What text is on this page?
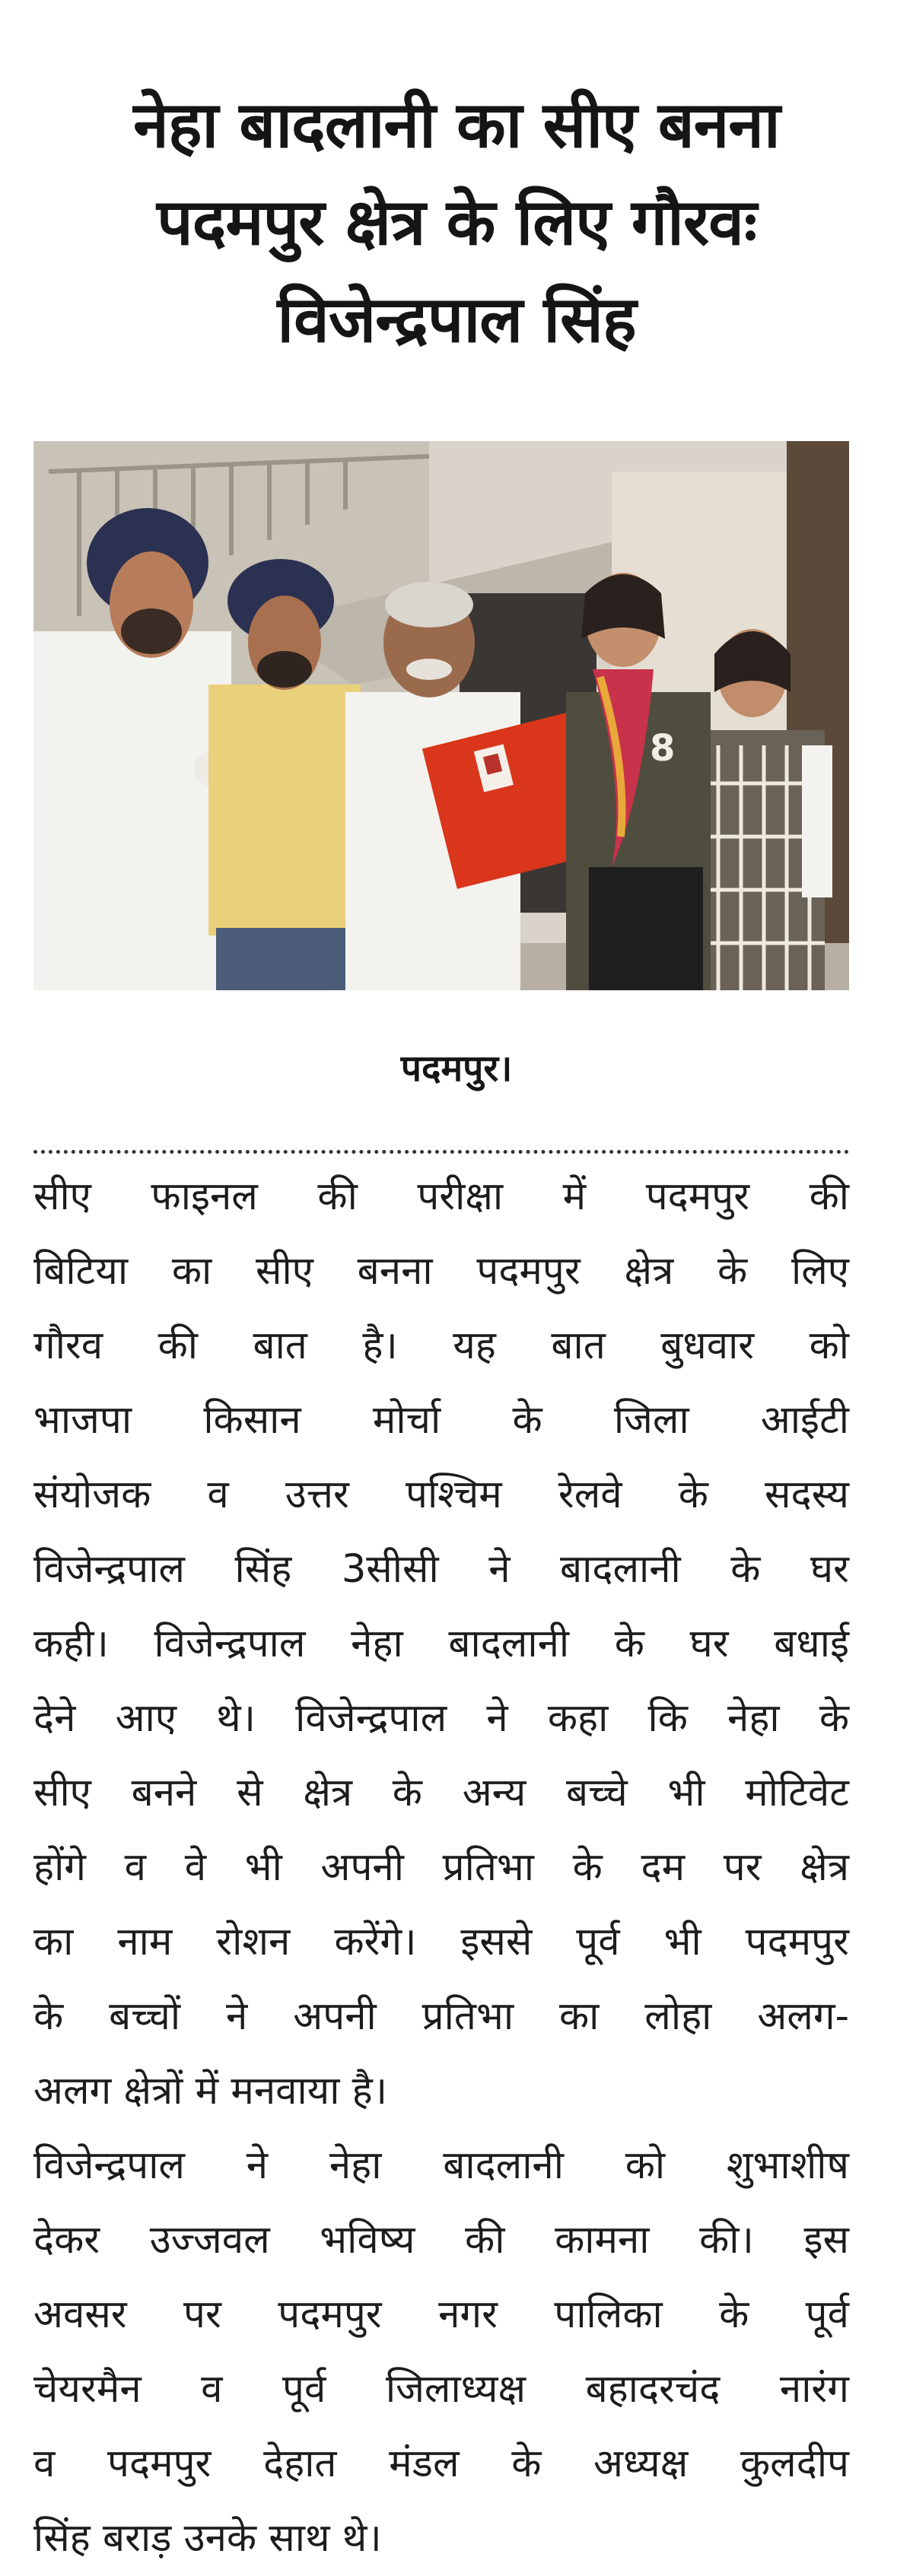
नेहा बादलानी का सीए बनना
पदमपुर क्षेत्र के लिए गौरवः
विजेन्द्रपाल सिंह
8
पदमपुर।

सीए फाइनल की परीक्षा में पदमपुर की
बिटिया का सीए बनना पदमपुर क्षेत्र के लिए
गौरव की बात है। यह बात बुधवार को
भाजपा किसान मोर्चा के जिला आईटी
संयोजक व उत्तर पश्चिम रेलवे के सदस्य
विजेन्द्रपाल सिंह 3सीसी ने बादलानी के घर
कही। विजेन्द्रपाल नेहा बादलानी के घर बधाई
देने आए थे। विजेन्द्रपाल ने कहा कि नेहा के
सीए बनने से क्षेत्र के अन्य बच्चे भी मोटिवेट
होंगे व वे भी अपनी प्रतिभा के दम पर क्षेत्र
का नाम रोशन करेंगे। इससे पूर्व भी पदमपुर
के बच्चों ने अपनी प्रतिभा का लोहा अलग-
अलग क्षेत्रों में मनवाया है।

विजेन्द्रपाल ने नेहा बादलानी को शुभाशीष
देकर उज्जवल भविष्य की कामना की। इस
अवसर पर पदमपुर नगर पालिका के पूर्व
चेयरमैन व पूर्व जिलाध्यक्ष बहादरचंद नारंग
व पदमपुर देहात मंडल के अध्यक्ष कुलदीप
सिंह बराड़ उनके साथ थे।
